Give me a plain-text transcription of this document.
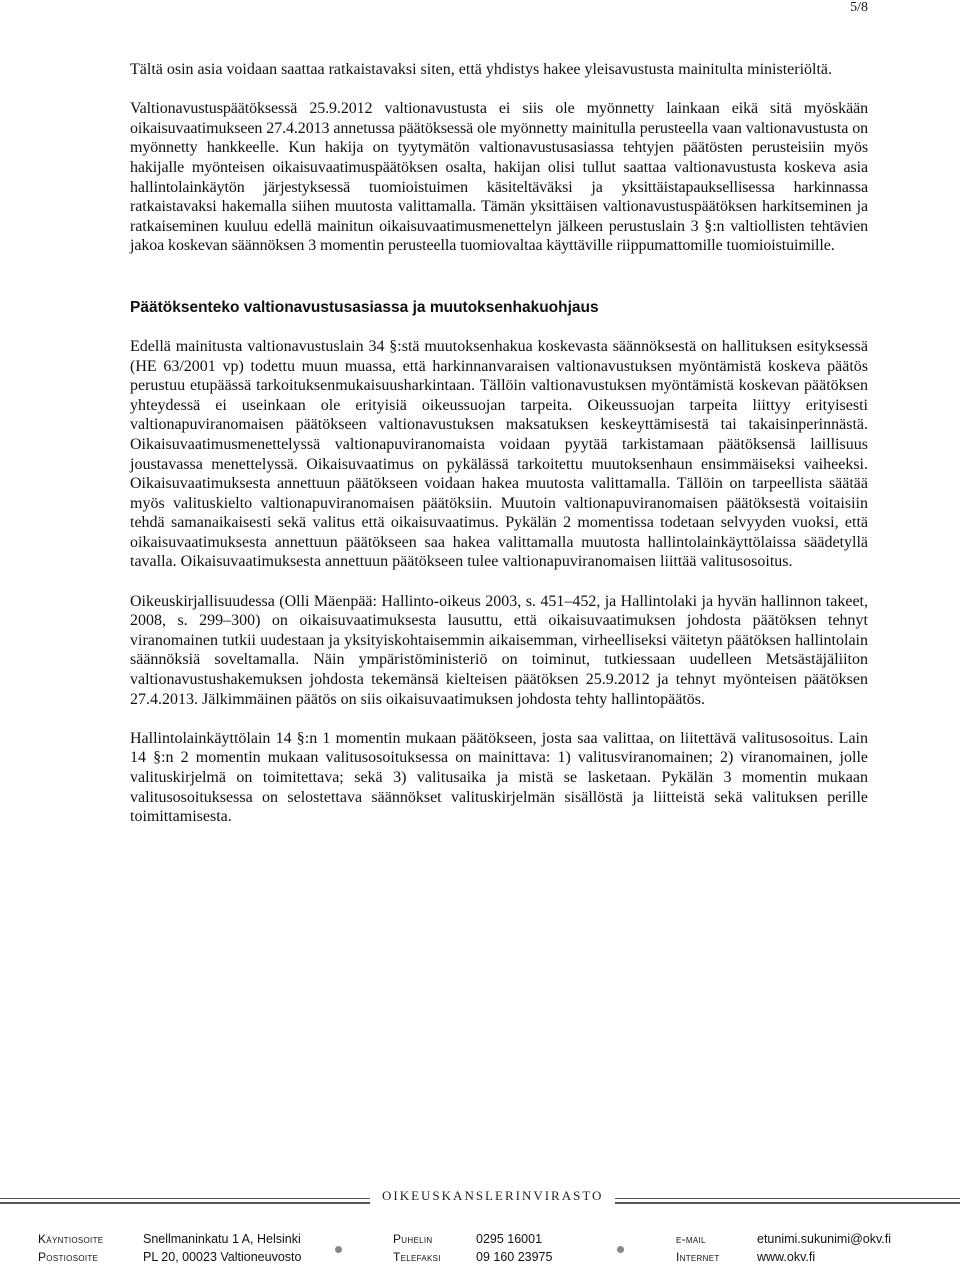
5/8

Tältä osin asia voidaan saattaa ratkaistavaksi siten, että yhdistys hakee yleisavustusta mainitulta ministeriöltä.

Valtionavustuspäätöksessä 25.9.2012 valtionavustusta ei siis ole myönnetty lainkaan eikä sitä myöskään oikaisuvaatimukseen 27.4.2013 annetussa päätöksessä ole myönnetty mainitulla perusteella vaan valtionavustusta on myönnetty hankkeelle. Kun hakija on tyytymätön valtionavustusasiassa tehtyjen päätösten perusteisiin myös hakijalle myönteisen oikaisuvaatimuspäätöksen osalta, hakijan olisi tullut saattaa valtionavustusta koskeva asia hallintolainkäytön järjestyksessä tuomioistuimen käsiteltäväksi ja yksittäistapauksellisessa harkinnassa ratkaistavaksi hakemalla siihen muutosta valittamalla. Tämän yksittäisen valtionavustuspäätöksen harkitseminen ja ratkaiseminen kuuluu edellä mainitun oikaisuvaatimusmenettelyn jälkeen perustuslain 3 §:n valtiollisten tehtävien jakoa koskevan säännöksen 3 momentin perusteella tuomiovaltaa käyttäville riippumattomille tuomioistuimille.

Päätöksenteko valtionavustusasiassa ja muutoksenhakuohjaus

Edellä mainitusta valtionavustuslain 34 §:stä muutoksenhakua koskevasta säännöksestä on hallituksen esityksessä (HE 63/2001 vp) todettu muun muassa, että harkinnanvaraisen valtionavustuksen myöntämistä koskeva päätös perustuu etupäässä tarkoituksenmukaisuusharkintaan. Tällöin valtionavustuksen myöntämistä koskevan päätöksen yhteydessä ei useinkaan ole erityisiä oikeussuojan tarpeita. Oikeussuojan tarpeita liittyy erityisesti valtionapuviranomaisen päätökseen valtionavustuksen maksatuksen keskeyttämisestä tai takaisinperinnästä. Oikaisuvaatimusmenettelyssä valtionapuviranomaista voidaan pyytää tarkistamaan päätöksensä laillisuus joustavassa menettelyssä. Oikaisuvaatimus on pykälässä tarkoitettu muutoksenhaun ensimmäiseksi vaiheeksi. Oikaisuvaatimuksesta annettuun päätökseen voidaan hakea muutosta valittamalla. Tällöin on tarpeellista säätää myös valituskielto valtionapuviranomaisen päätöksiin. Muutoin valtionapuviranomaisen päätöksestä voitaisiin tehdä samanaikaisesti sekä valitus että oikaisuvaatimus. Pykälän 2 momentissa todetaan selvyyden vuoksi, että oikaisuvaatimuksesta annettuun päätökseen saa hakea valittamalla muutosta hallintolainkäyttölaissa säädetyllä tavalla. Oikaisuvaatimuksesta annettuun päätökseen tulee valtionapuviranomaisen liittää valitusosoitus.

Oikeuskirjallisuudessa (Olli Mäenpää: Hallinto-oikeus 2003, s. 451–452, ja Hallintolaki ja hyvän hallinnon takeet, 2008, s. 299–300) on oikaisuvaatimuksesta lausuttu, että oikaisuvaatimuksen johdosta päätöksen tehnyt viranomainen tutkii uudestaan ja yksityiskohtaisemmin aikaisemman, virheelliseksi väitetyn päätöksen hallintolain säännöksiä soveltamalla. Näin ympäristöministeriö on toiminut, tutkiessaan uudelleen Metsästäjäliiton valtionavustushakemuksen johdosta tekemänsä kielteisen päätöksen 25.9.2012 ja tehnyt myönteisen päätöksen 27.4.2013. Jälkimmäinen päätös on siis oikaisuvaatimuksen johdosta tehty hallintopäätös.

Hallintolainkäyttölain 14 §:n 1 momentin mukaan päätökseen, josta saa valittaa, on liitettävä valitusosoitus. Lain 14 §:n 2 momentin mukaan valitusosoituksessa on mainittava: 1) valitusviranomainen; 2) viranomainen, jolle valituskirjelmä on toimitettava; sekä 3) valitusaika ja mistä se lasketaan. Pykälän 3 momentin mukaan valitusosoituksessa on selostettava säännökset valituskirjelmän sisällöstä ja liitteistä sekä valituksen perille toimittamisesta.

OIKEUSKANSLERINVIRASTO
Käyntiosoite	Snellmaninkatu 1 A, Helsinki
Postiosoite	PL 20, 00023 Valtioneuvosto
Puhelin	0295 16001
Telefaksi	09 160 23975
e-mail	etunimi.sukunimi@okv.fi
Internet	www.okv.fi
